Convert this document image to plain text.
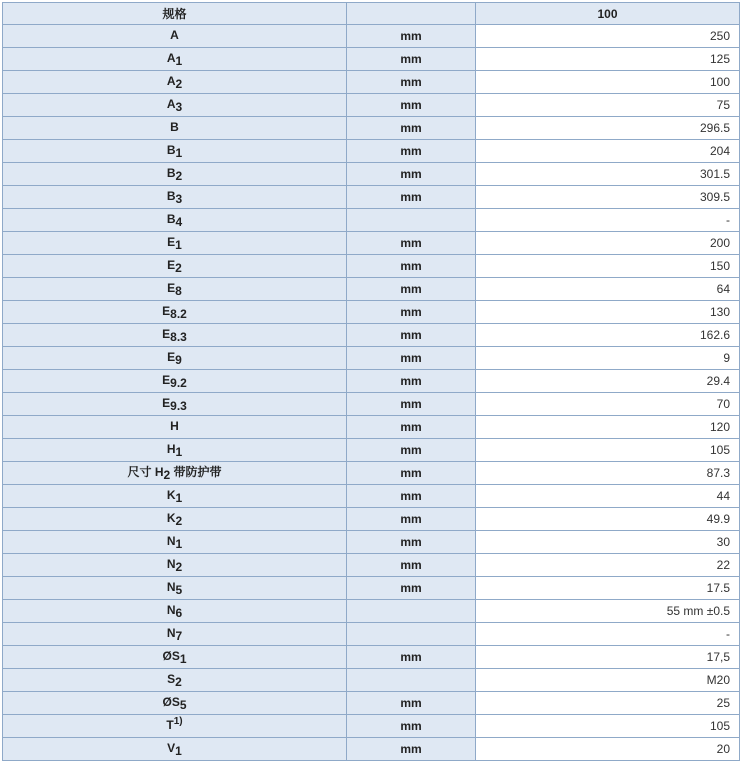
规格		100
A	mm	250
A1	mm	125
A2	mm	100
A3	mm	75
B	mm	296.5
B1	mm	204
B2	mm	301.5
B3	mm	309.5
B4		-
E1	mm	200
E2	mm	150
E8	mm	64
E8.2	mm	130
E8.3	mm	162.6
E9	mm	9
E9.2	mm	29.4
E9.3	mm	70
H	mm	120
H1	mm	105
尺寸 H2 带防护带	mm	87.3
K1	mm	44
K2	mm	49.9
N1	mm	30
N2	mm	22
N5	mm	17.5
N6		55 mm ±0.5
N7		-
ØS1	mm	17,5
S2		M20
ØS5	mm	25
$T^{1)}$	mm	105
V1	mm	20
